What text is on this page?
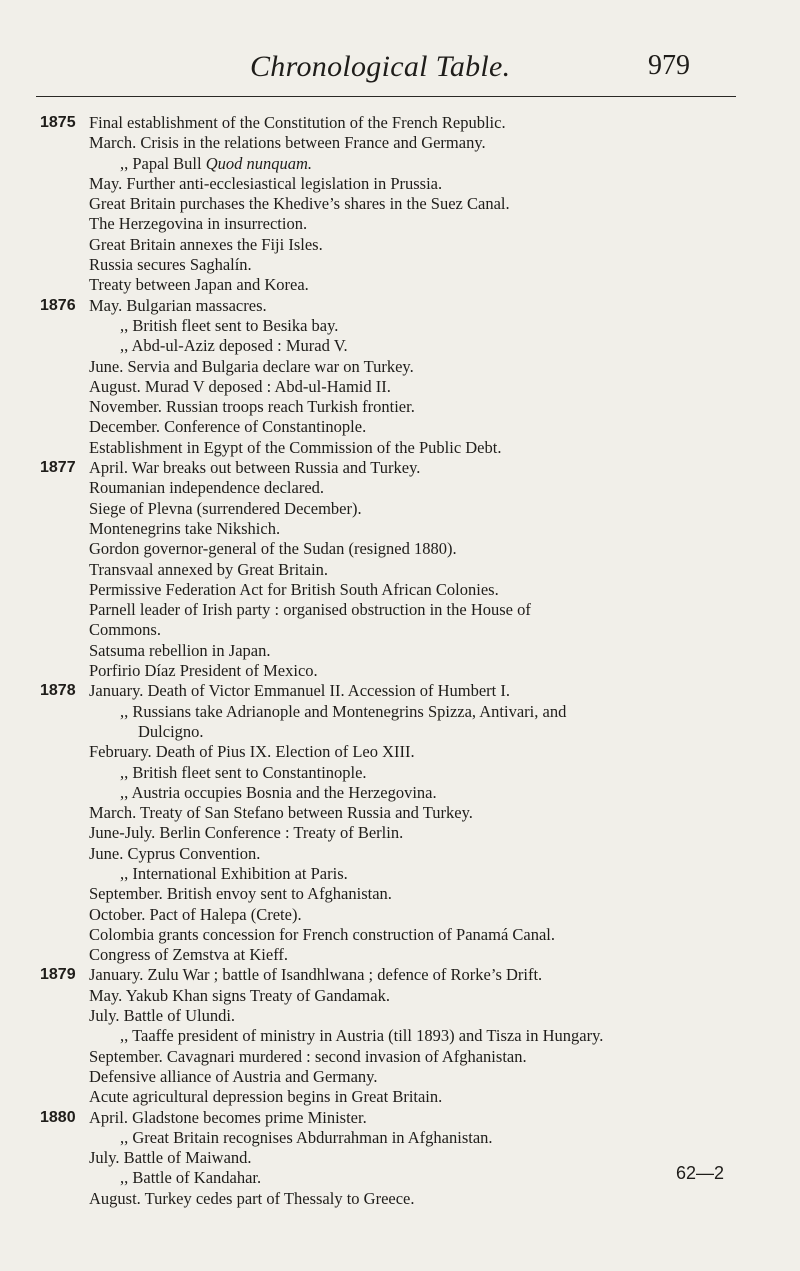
Chronological Table.	979
1875 Final establishment of the Constitution of the French Republic.
March. Crisis in the relations between France and Germany.
,, Papal Bull Quod nunquam.
May. Further anti-ecclesiastical legislation in Prussia.
Great Britain purchases the Khedive’s shares in the Suez Canal.
The Herzegovina in insurrection.
Great Britain annexes the Fiji Isles.
Russia secures Saghalín.
Treaty between Japan and Korea.
1876 May. Bulgarian massacres.
,, British fleet sent to Besika bay.
,, Abd-ul-Aziz deposed : Murad V.
June. Servia and Bulgaria declare war on Turkey.
August. Murad V deposed : Abd-ul-Hamid II.
November. Russian troops reach Turkish frontier.
December. Conference of Constantinople.
Establishment in Egypt of the Commission of the Public Debt.
1877 April. War breaks out between Russia and Turkey.
Roumanian independence declared.
Siege of Plevna (surrendered December).
Montenegrins take Nikshich.
Gordon governor-general of the Sudan (resigned 1880).
Transvaal annexed by Great Britain.
Permissive Federation Act for British South African Colonies.
Parnell leader of Irish party : organised obstruction in the House of
Commons.
Satsuma rebellion in Japan.
Porfirio Díaz President of Mexico.
1878 January. Death of Victor Emmanuel II. Accession of Humbert I.
,, Russians take Adrianople and Montenegrins Spizza, Antivari, and
Dulcigno.
February. Death of Pius IX. Election of Leo XIII.
,, British fleet sent to Constantinople.
,, Austria occupies Bosnia and the Herzegovina.
March. Treaty of San Stefano between Russia and Turkey.
June-July. Berlin Conference : Treaty of Berlin.
June. Cyprus Convention.
,, International Exhibition at Paris.
September. British envoy sent to Afghanistan.
October. Pact of Halepa (Crete).
Colombia grants concession for French construction of Panamá Canal.
Congress of Zemstva at Kieff.
1879 January. Zulu War ; battle of Isandhlwana ; defence of Rorke’s Drift.
May. Yakub Khan signs Treaty of Gandamak.
July. Battle of Ulundi.
,, Taaffe president of ministry in Austria (till 1893) and Tisza in Hungary.
September. Cavagnari murdered : second invasion of Afghanistan.
Defensive alliance of Austria and Germany.
Acute agricultural depression begins in Great Britain.
1880 April. Gladstone becomes prime Minister.
,, Great Britain recognises Abdurrahman in Afghanistan.
July. Battle of Maiwand.
,, Battle of Kandahar.
August. Turkey cedes part of Thessaly to Greece.
62—2
